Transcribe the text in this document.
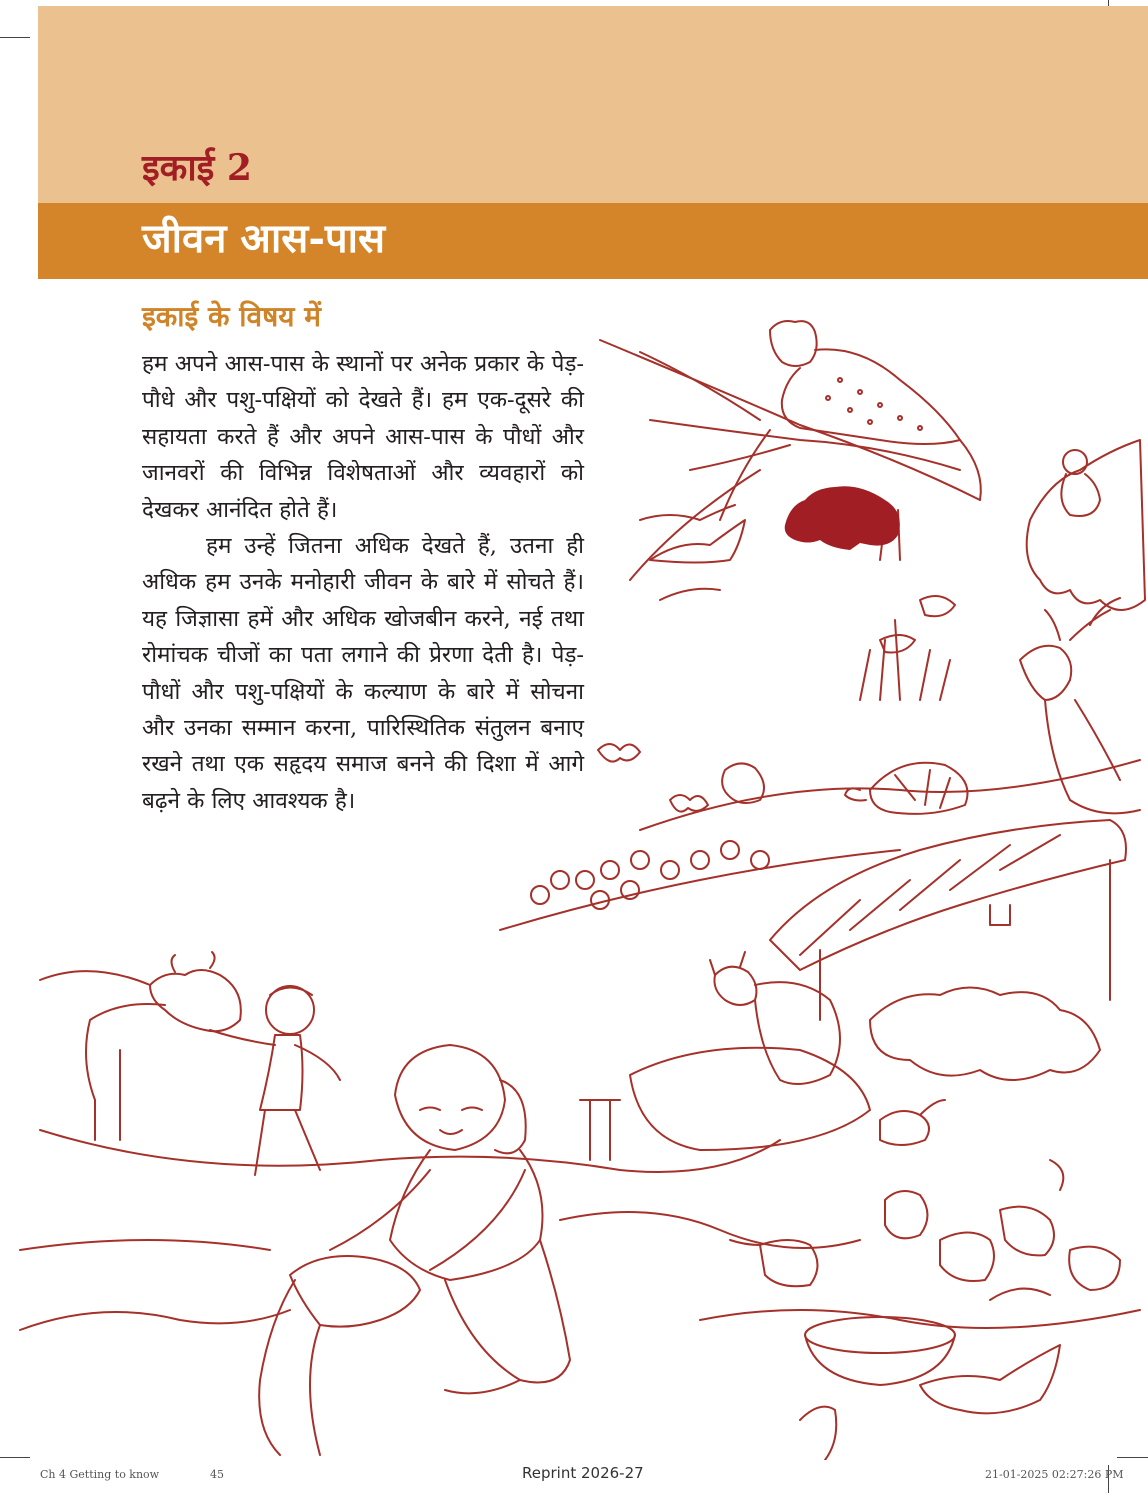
इकाई 2
जीवन आस-पास
इकाई के विषय में

हम अपने आस-पास के स्थानों पर अनेक प्रकार के पेड़-पौधे और पशु-पक्षियों को देखते हैं। हम एक-दूसरे की सहायता करते हैं और अपने आस-पास के पौधों और जानवरों की विभिन्न विशेषताओं और व्यवहारों को देखकर आनंदित होते हैं।

हम उन्हें जितना अधिक देखते हैं, उतना ही अधिक हम उनके मनोहारी जीवन के बारे में सोचते हैं। यह जिज्ञासा हमें और अधिक खोजबीन करने, नई तथा रोमांचक चीजों का पता लगाने की प्रेरणा देती है। पेड़-पौधों और पशु-पक्षियों के कल्याण के बारे में सोचना और उनका सम्मान करना, पारिस्थितिक संतुलन बनाए रखने तथा एक सहृदय समाज बनने की दिशा में आगे बढ़ने के लिए आवश्यक है।

Ch 4 Getting to know	45	Reprint 2026-27	21-01-2025 02:27:26 PM
